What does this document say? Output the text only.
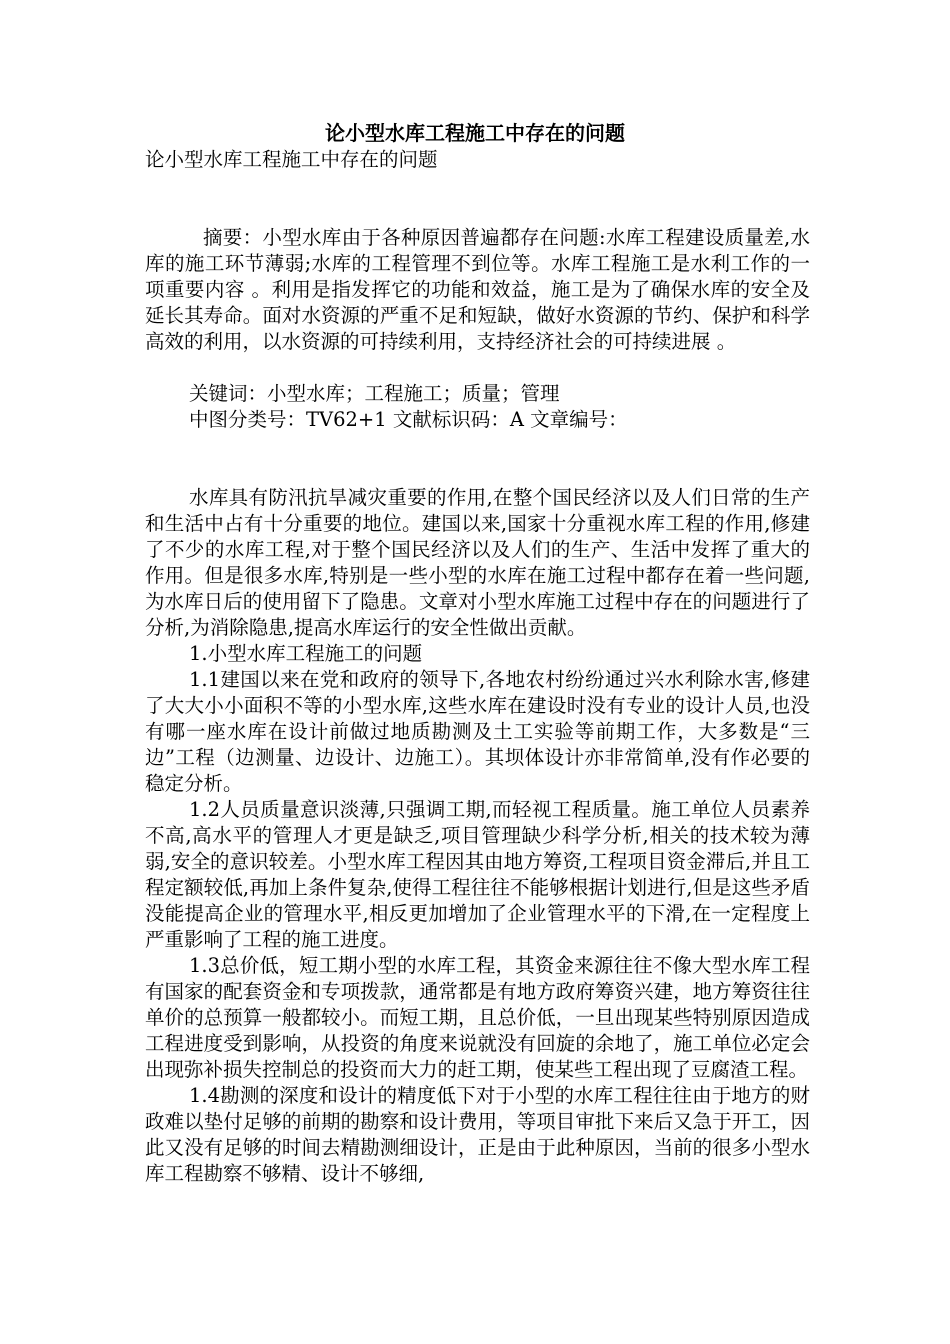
论小型水库工程施工中存在的问题

论小型水库工程施工中存在的问题

摘要：小型水库由于各种原因普遍都存在问题:水库工程建设质量差,水库的施工环节薄弱;水库的工程管理不到位等。水库工程施工是水利工作的一项重要内容 。利用是指发挥它的功能和效益，施工是为了确保水库的安全及延长其寿命。面对水资源的严重不足和短缺，做好水资源的节约、保护和科学高效的利用，以水资源的可持续利用，支持经济社会的可持续进展 。

关键词：小型水库；工程施工；质量；管理

中图分类号：TV62+1 文献标识码：A 文章编号：

水库具有防汛抗旱减灾重要的作用,在整个国民经济以及人们日常的生产和生活中占有十分重要的地位。建国以来,国家十分重视水库工程的作用,修建了不少的水库工程,对于整个国民经济以及人们的生产、生活中发挥了重大的作用。但是很多水库,特别是一些小型的水库在施工过程中都存在着一些问题,为水库日后的使用留下了隐患。文章对小型水库施工过程中存在的问题进行了分析,为消除隐患,提高水库运行的安全性做出贡献。

1.小型水库工程施工的问题

1.1建国以来在党和政府的领导下,各地农村纷纷通过兴水利除水害,修建了大大小小面积不等的小型水库,这些水库在建设时没有专业的设计人员,也没有哪一座水库在设计前做过地质勘测及土工实验等前期工作，大多数是“三边”工程（边测量、边设计、边施工）。其坝体设计亦非常简单,没有作必要的稳定分析。

1.2人员质量意识淡薄,只强调工期,而轻视工程质量。施工单位人员素养不高,高水平的管理人才更是缺乏,项目管理缺少科学分析,相关的技术较为薄弱,安全的意识较差。小型水库工程因其由地方筹资,工程项目资金滞后,并且工程定额较低,再加上条件复杂,使得工程往往不能够根据计划进行,但是这些矛盾没能提高企业的管理水平,相反更加增加了企业管理水平的下滑,在一定程度上严重影响了工程的施工进度。

1.3总价低，短工期小型的水库工程，其资金来源往往不像大型水库工程有国家的配套资金和专项拨款，通常都是有地方政府筹资兴建，地方筹资往往单价的总预算一般都较小。而短工期，且总价低，一旦出现某些特别原因造成工程进度受到影响，从投资的角度来说就没有回旋的余地了，施工单位必定会出现弥补损失控制总的投资而大力的赶工期，使某些工程出现了豆腐渣工程。

1.4勘测的深度和设计的精度低下对于小型的水库工程往往由于地方的财政难以垫付足够的前期的勘察和设计费用，等项目审批下来后又急于开工，因此又没有足够的时间去精勘测细设计，正是由于此种原因，当前的很多小型水库工程勘察不够精、设计不够细,
